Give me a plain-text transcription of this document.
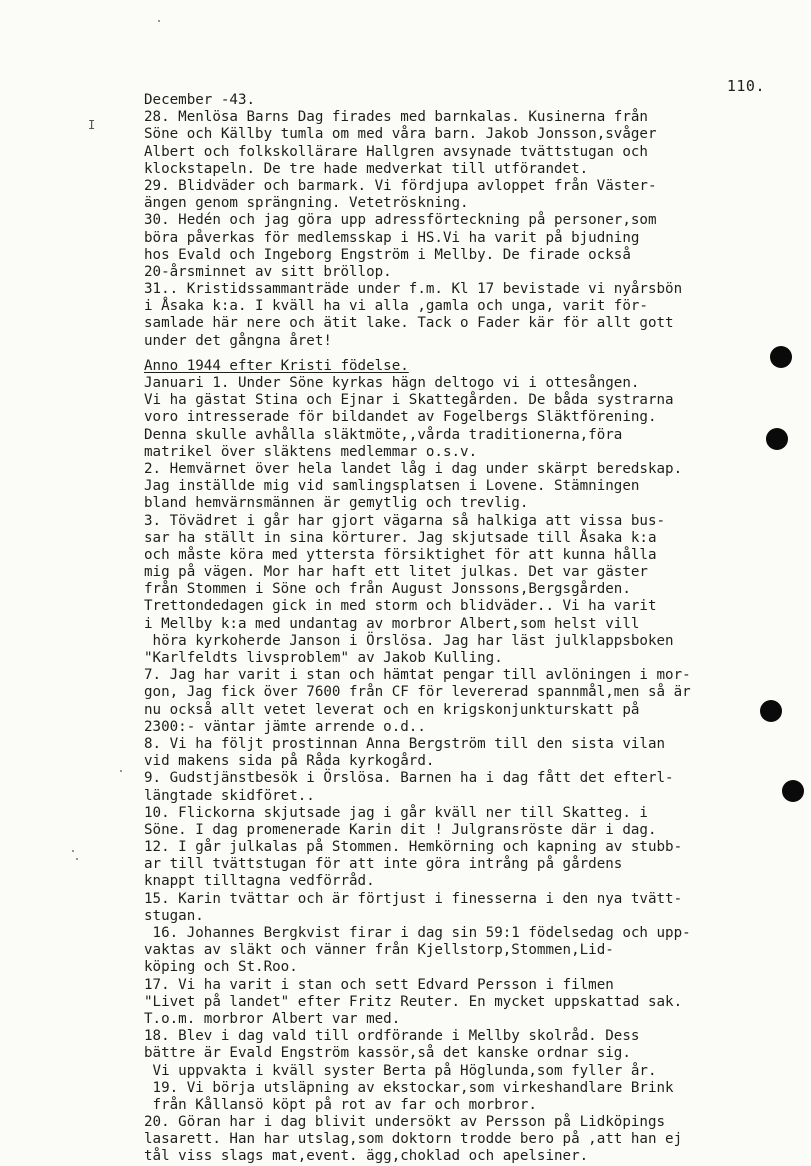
110.
I
December -43.
28. Menlösa Barns Dag firades med barnkalas. Kusinerna från
Söne och Källby tumla om med våra barn. Jakob Jonsson,svåger
Albert och folkskollärare Hallgren avsynade tvättstugan och
klockstapeln. De tre hade medverkat till utförandet.
29. Blidväder och barmark. Vi fördjupa avloppet från Väster-
ängen genom sprängning. Vetetröskning.
30. Hedén och jag göra upp adressförteckning på personer,som
böra påverkas för medlemsskap i HS.Vi ha varit på bjudning
hos Evald och Ingeborg Engström i Mellby. De firade också
20-årsminnet av sitt bröllop.
31.. Kristidssammanträde under f.m. Kl 17 bevistade vi nyårsbön
i Åsaka k:a. I kväll ha vi alla ,gamla och unga, varit för-
samlade här nere och ätit lake. Tack o Fader kär för allt gott
under det gångna året!
Anno 1944 efter Kristi födelse.
Januari 1. Under Söne kyrkas hägn deltogo vi i ottesången.
Vi ha gästat Stina och Ejnar i Skattegården. De båda systrarna
voro intresserade för bildandet av Fogelbergs Släktförening.
Denna skulle avhålla släktmöte,,vårda traditionerna,föra
matrikel över släktens medlemmar o.s.v.
2. Hemvärnet över hela landet låg i dag under skärpt beredskap.
Jag inställde mig vid samlingsplatsen i Lovene. Stämningen
bland hemvärnsmännen är gemytlig och trevlig.
3. Tövädret i går har gjort vägarna så halkiga att vissa bus-
sar ha ställt in sina körturer. Jag skjutsade till Åsaka k:a
och måste köra med yttersta försiktighet för att kunna hålla
mig på vägen. Mor har haft ett litet julkas. Det var gäster
från Stommen i Söne och från August Jonssons,Bergsgården.
Trettondedagen gick in med storm och blidväder.. Vi ha varit
i Mellby k:a med undantag av morbror Albert,som helst vill
höra kyrkoherde Janson i Örslösa. Jag har läst julklappsboken
"Karlfeldts livsproblem" av Jakob Kulling.
7. Jag har varit i stan och hämtat pengar till avlöningen i mor-
gon, Jag fick över 7600 från CF för levererad spannmål,men så är
nu också allt vetet leverat och en krigskonjunkturskatt på
2300:- väntar jämte arrende o.d..
8. Vi ha följt prostinnan Anna Bergström till den sista vilan
vid makens sida på Råda kyrkogård.
9. Gudstjänstbesök i Örslösa. Barnen ha i dag fått det efterl-
längtade skidföret..
10. Flickorna skjutsade jag i går kväll ner till Skatteg. i
Söne. I dag promenerade Karin dit ! Julgransröste där i dag.
12. I går julkalas på Stommen. Hemkörning och kapning av stubb-
ar till tvättstugan för att inte göra intrång på gårdens
knappt tilltagna vedförråd.
15. Karin tvättar och är förtjust i finesserna i den nya tvätt-
stugan.
16. Johannes Bergkvist firar i dag sin 59:1 födelsedag och upp-
vaktas av släkt och vänner från Kjellstorp,Stommen,Lid-
köping och St.Roo.
17. Vi ha varit i stan och sett Edvard Persson i filmen
"Livet på landet" efter Fritz Reuter. En mycket uppskattad sak.
T.o.m. morbror Albert var med.
18. Blev i dag vald till ordförande i Mellby skolråd. Dess
bättre är Evald Engström kassör,så det kanske ordnar sig.
Vi uppvakta i kväll syster Berta på Höglunda,som fyller år.
19. Vi börja utsläpning av ekstockar,som virkeshandlare Brink
från Kållansö köpt på rot av far och morbror.
20. Göran har i dag blivit undersökt av Persson på Lidköpings
lasarett. Han har utslag,som doktorn trodde bero på ,att han ej
tål viss slags mat,event. ägg,choklad och apelsiner.
